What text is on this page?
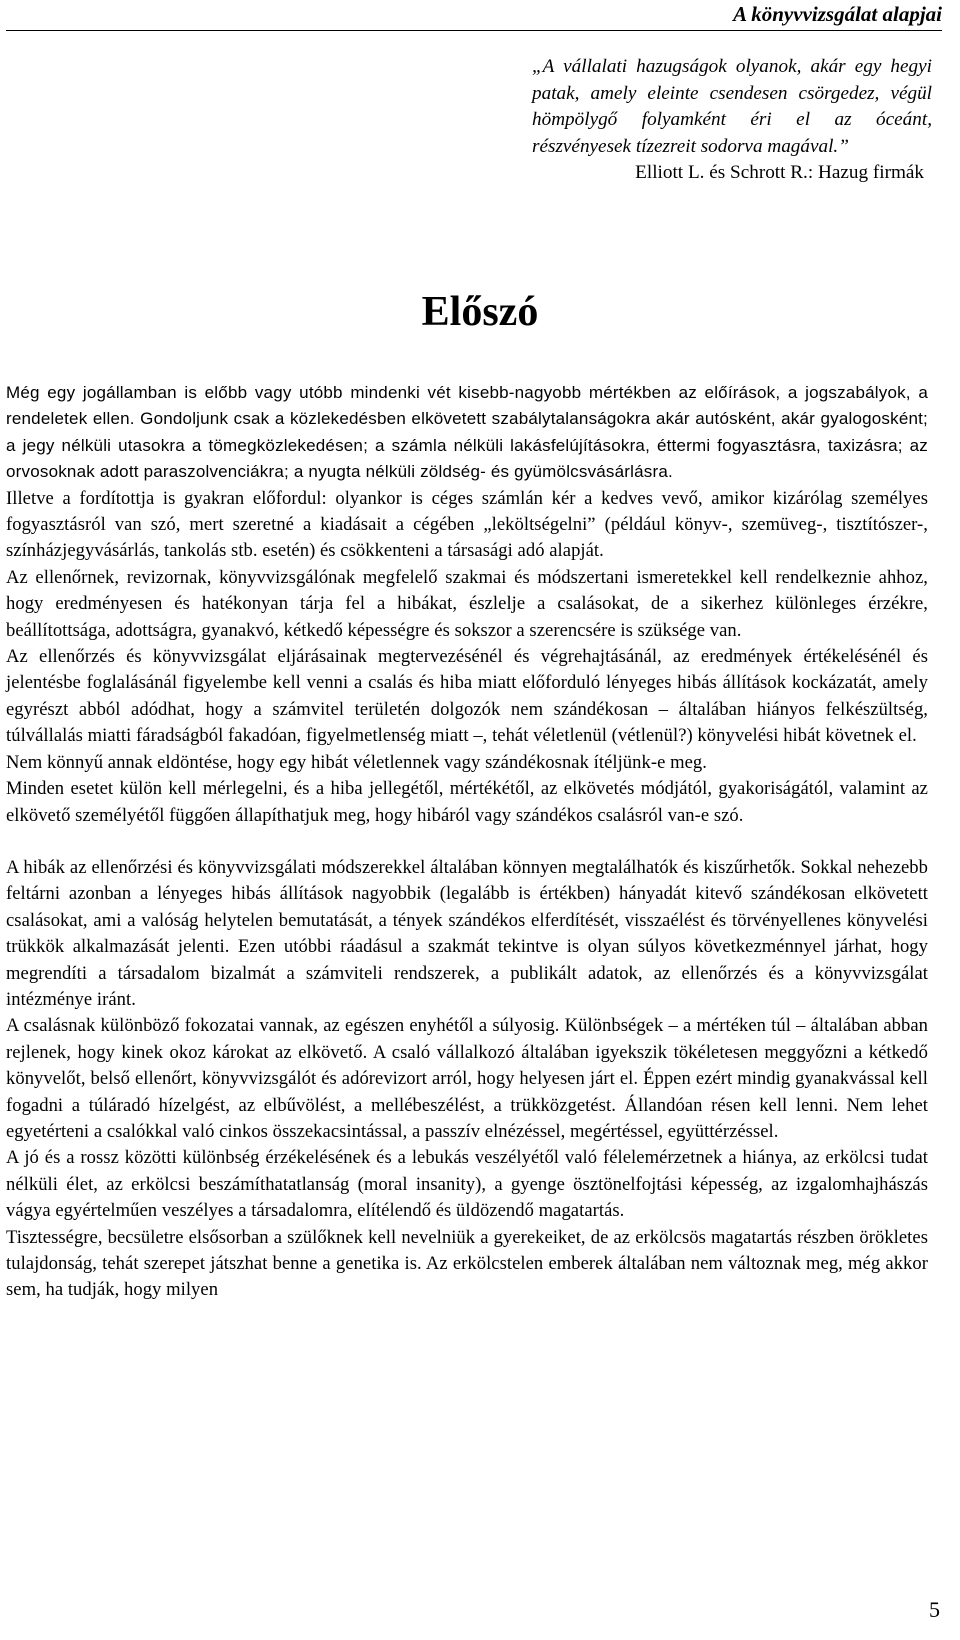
A könyvvizsgálat alapjai

„A vállalati hazugságok olyanok, akár egy hegyi patak, amely eleinte csendesen csörgedez, végül hömpölygő folyamként éri el az óceánt, részvényesek tízezreit sodorva magával.”

Elliott L. és Schrott R.: Hazug firmák

Előszó

Még egy jogállamban is előbb vagy utóbb mindenki vét kisebb-nagyobb mértékben az előírások, a jogszabályok, a rendeletek ellen. Gondoljunk csak a közlekedésben elkövetett szabálytalanságokra akár autósként, akár gyalogosként; a jegy nélküli utasokra a tömegközlekedésen; a számla nélküli lakásfelújításokra, éttermi fogyasztásra, taxizásra; az orvosoknak adott paraszolvenciákra; a nyugta nélküli zöldség- és gyümölcsvásárlásra.

Illetve a fordítottja is gyakran előfordul: olyankor is céges számlán kér a kedves vevő, amikor kizárólag személyes fogyasztásról van szó, mert szeretné a kiadásait a cégében „leköltségelni” (például könyv-, szemüveg-, tisztítószer-, színházjegyvásárlás, tankolás stb. esetén) és csökkenteni a társasági adó alapját.

Az ellenőrnek, revizornak, könyvvizsgálónak megfelelő szakmai és módszertani ismeretekkel kell rendelkeznie ahhoz, hogy eredményesen és hatékonyan tárja fel a hibákat, észlelje a csalásokat, de a sikerhez különleges érzékre, beállítottsága, adottságra, gyanakvó, kétkedő képességre és sokszor a szerencsére is szüksége van.

Az ellenőrzés és könyvvizsgálat eljárásainak megtervezésénél és végrehajtásánál, az eredmények értékelésénél és jelentésbe foglalásánál figyelembe kell venni a csalás és hiba miatt előforduló lényeges hibás állítások kockázatát, amely egyrészt abból adódhat, hogy a számvitel területén dolgozók nem szándékosan – általában hiányos felkészültség, túlvállalás miatti fáradságból fakadóan, figyelmetlenség miatt –, tehát véletlenül (vétlenül?) könyvelési hibát követnek el.

Nem könnyű annak eldöntése, hogy egy hibát véletlennek vagy szándékosnak ítéljünk-e meg.

Minden esetet külön kell mérlegelni, és a hiba jellegétől, mértékétől, az elkövetés módjától, gyakoriságától, valamint az elkövető személyétől függően állapíthatjuk meg, hogy hibáról vagy szándékos csalásról van-e szó.

A hibák az ellenőrzési és könyvvizsgálati módszerekkel általában könnyen megtalálhatók és kiszűrhetők. Sokkal nehezebb feltárni azonban a lényeges hibás állítások nagyobbik (legalább is értékben) hányadát kitevő szándékosan elkövetett csalásokat, ami a valóság helytelen bemutatását, a tények szándékos elferdítését, visszaélést és törvényellenes könyvelési trükkök alkalmazását jelenti. Ezen utóbbi ráadásul a szakmát tekintve is olyan súlyos következménnyel járhat, hogy megrendíti a társadalom bizalmát a számviteli rendszerek, a publikált adatok, az ellenőrzés és a könyvvizsgálat intézménye iránt.

A csalásnak különböző fokozatai vannak, az egészen enyhétől a súlyosig. Különbségek – a mértéken túl – általában abban rejlenek, hogy kinek okoz károkat az elkövető. A csaló vállalkozó általában igyekszik tökéletesen meggyőzni a kétkedő könyvelőt, belső ellenőrt, könyvvizsgálót és adórevizort arról, hogy helyesen járt el. Éppen ezért mindig gyanakvással kell fogadni a túláradó hízelgést, az elbűvölést, a mellébeszélést, a trükközgetést. Állandóan résen kell lenni. Nem lehet egyetérteni a csalókkal való cinkos összekacsintással, a passzív elnézéssel, megértéssel, együttérzéssel.

A jó és a rossz közötti különbség érzékelésének és a lebukás veszélyétől való félelemérzetnek a hiánya, az erkölcsi tudat nélküli élet, az erkölcsi beszámíthatatlanság (moral insanity), a gyenge ösztönelfojtási képesség, az izgalomhajhászás vágya egyértelműen veszélyes a társadalomra, elítélendő és üldözendő magatartás.

Tisztességre, becsületre elsősorban a szülőknek kell nevelniük a gyerekeiket, de az erkölcsös magatartás részben örökletes tulajdonság, tehát szerepet játszhat benne a genetika is. Az erkölcstelen emberek általában nem változnak meg, még akkor sem, ha tudják, hogy milyen

5
